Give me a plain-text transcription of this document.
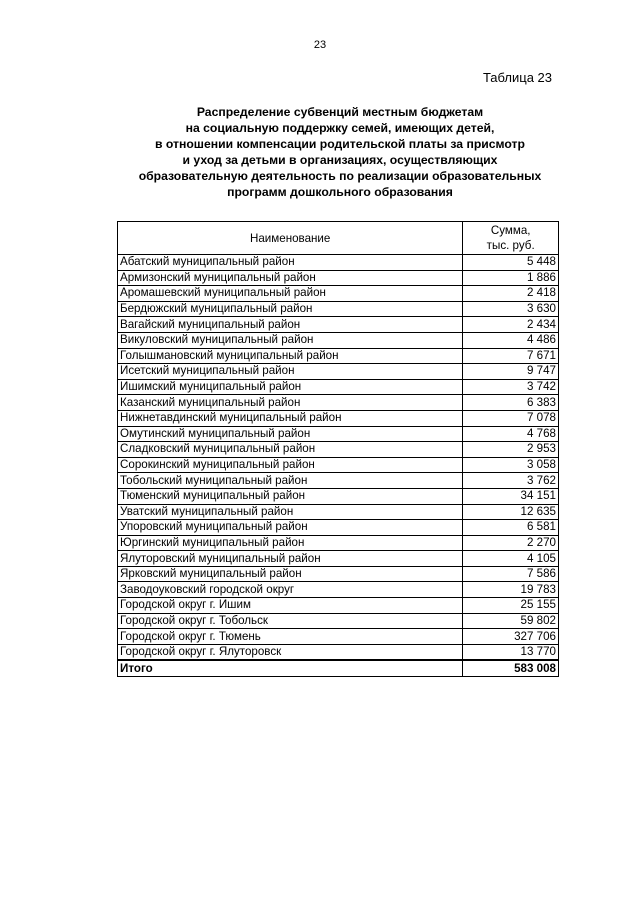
23
Таблица 23
Распределение субвенций местным бюджетам
на социальную поддержку семей, имеющих детей,
в отношении компенсации родительской платы за присмотр
и уход за детьми в организациях, осуществляющих
образовательную деятельность по реализации образовательных
программ дошкольного образования
Наименование	Сумма,
тыс. руб.

Абатский муниципальный район	5 448
Армизонский муниципальный район	1 886
Аромашевский муниципальный район	2 418
Бердюжский муниципальный район	3 630
Вагайский муниципальный район	2 434
Викуловский муниципальный район	4 486
Голышмановский муниципальный район	7 671
Исетский муниципальный район	9 747
Ишимский муниципальный район	3 742
Казанский муниципальный район	6 383
Нижнетавдинский муниципальный район	7 078
Омутинский муниципальный район	4 768
Сладковский муниципальный район	2 953
Сорокинский муниципальный район	3 058
Тобольский муниципальный район	3 762
Тюменский муниципальный район	34 151
Уватский муниципальный район	12 635
Упоровский муниципальный район	6 581
Юргинский муниципальный район	2 270
Ялуторовский муниципальный район	4 105
Ярковский муниципальный район	7 586
Заводоуковский городской округ	19 783
Городской округ г. Ишим	25 155
Городской округ г. Тобольск	59 802
Городской округ г. Тюмень	327 706
Городской округ г. Ялуторовск	13 770
Итого	583 008
